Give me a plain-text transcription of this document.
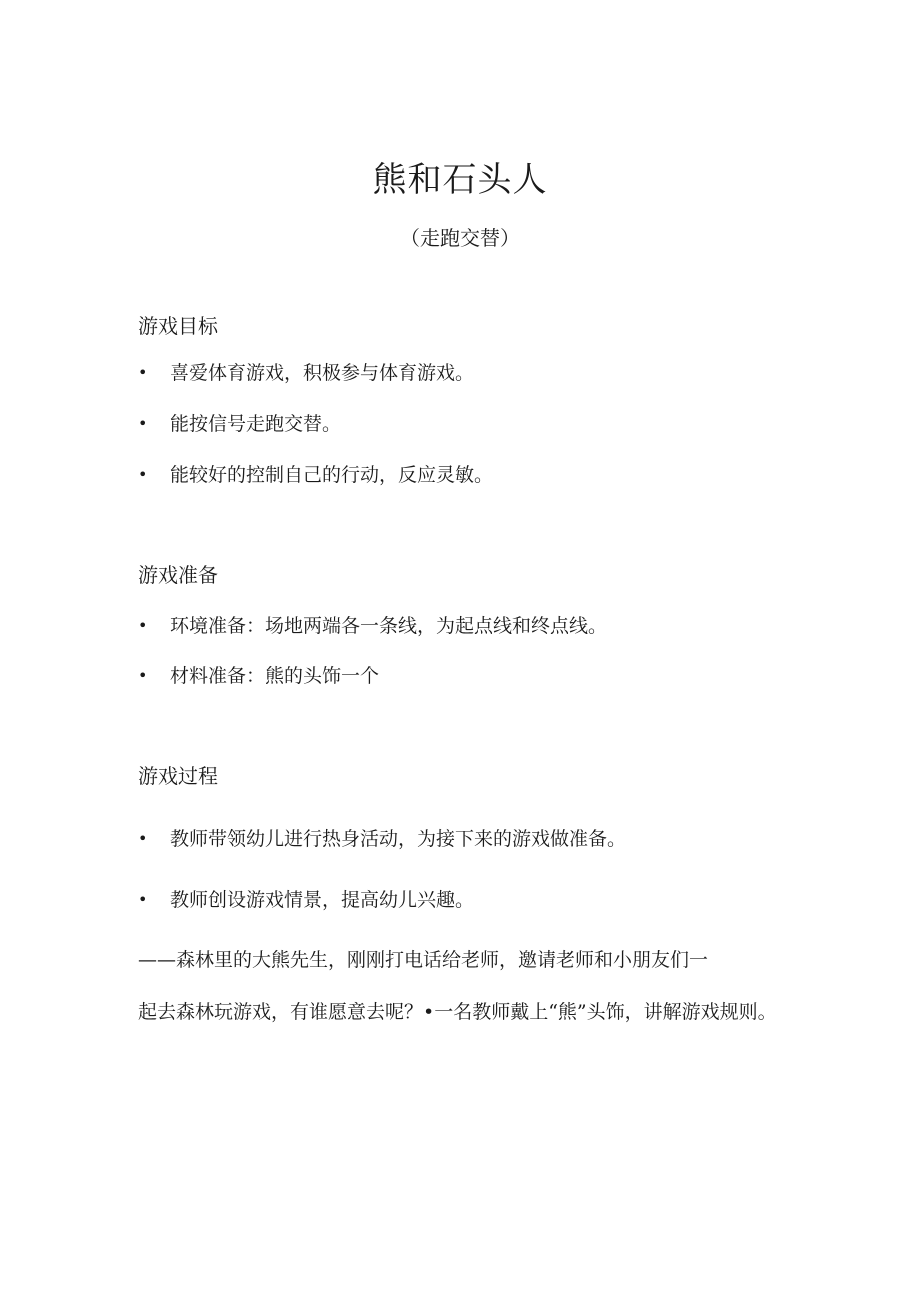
熊和石头人
（走跑交替）
游戏目标
•	喜爱体育游戏，积极参与体育游戏。
•	能按信号走跑交替。
•	能较好的控制自己的行动，反应灵敏。
游戏准备
•	环境准备：场地两端各一条线，为起点线和终点线。
•	材料准备：熊的头饰一个
游戏过程
•	教师带领幼儿进行热身活动，为接下来的游戏做准备。
•	教师创设游戏情景，提高幼儿兴趣。
——森林里的大熊先生，刚刚打电话给老师，邀请老师和小朋友们一
起去森林玩游戏，有谁愿意去呢？•一名教师戴上“熊”头饰，讲解游戏规则。
